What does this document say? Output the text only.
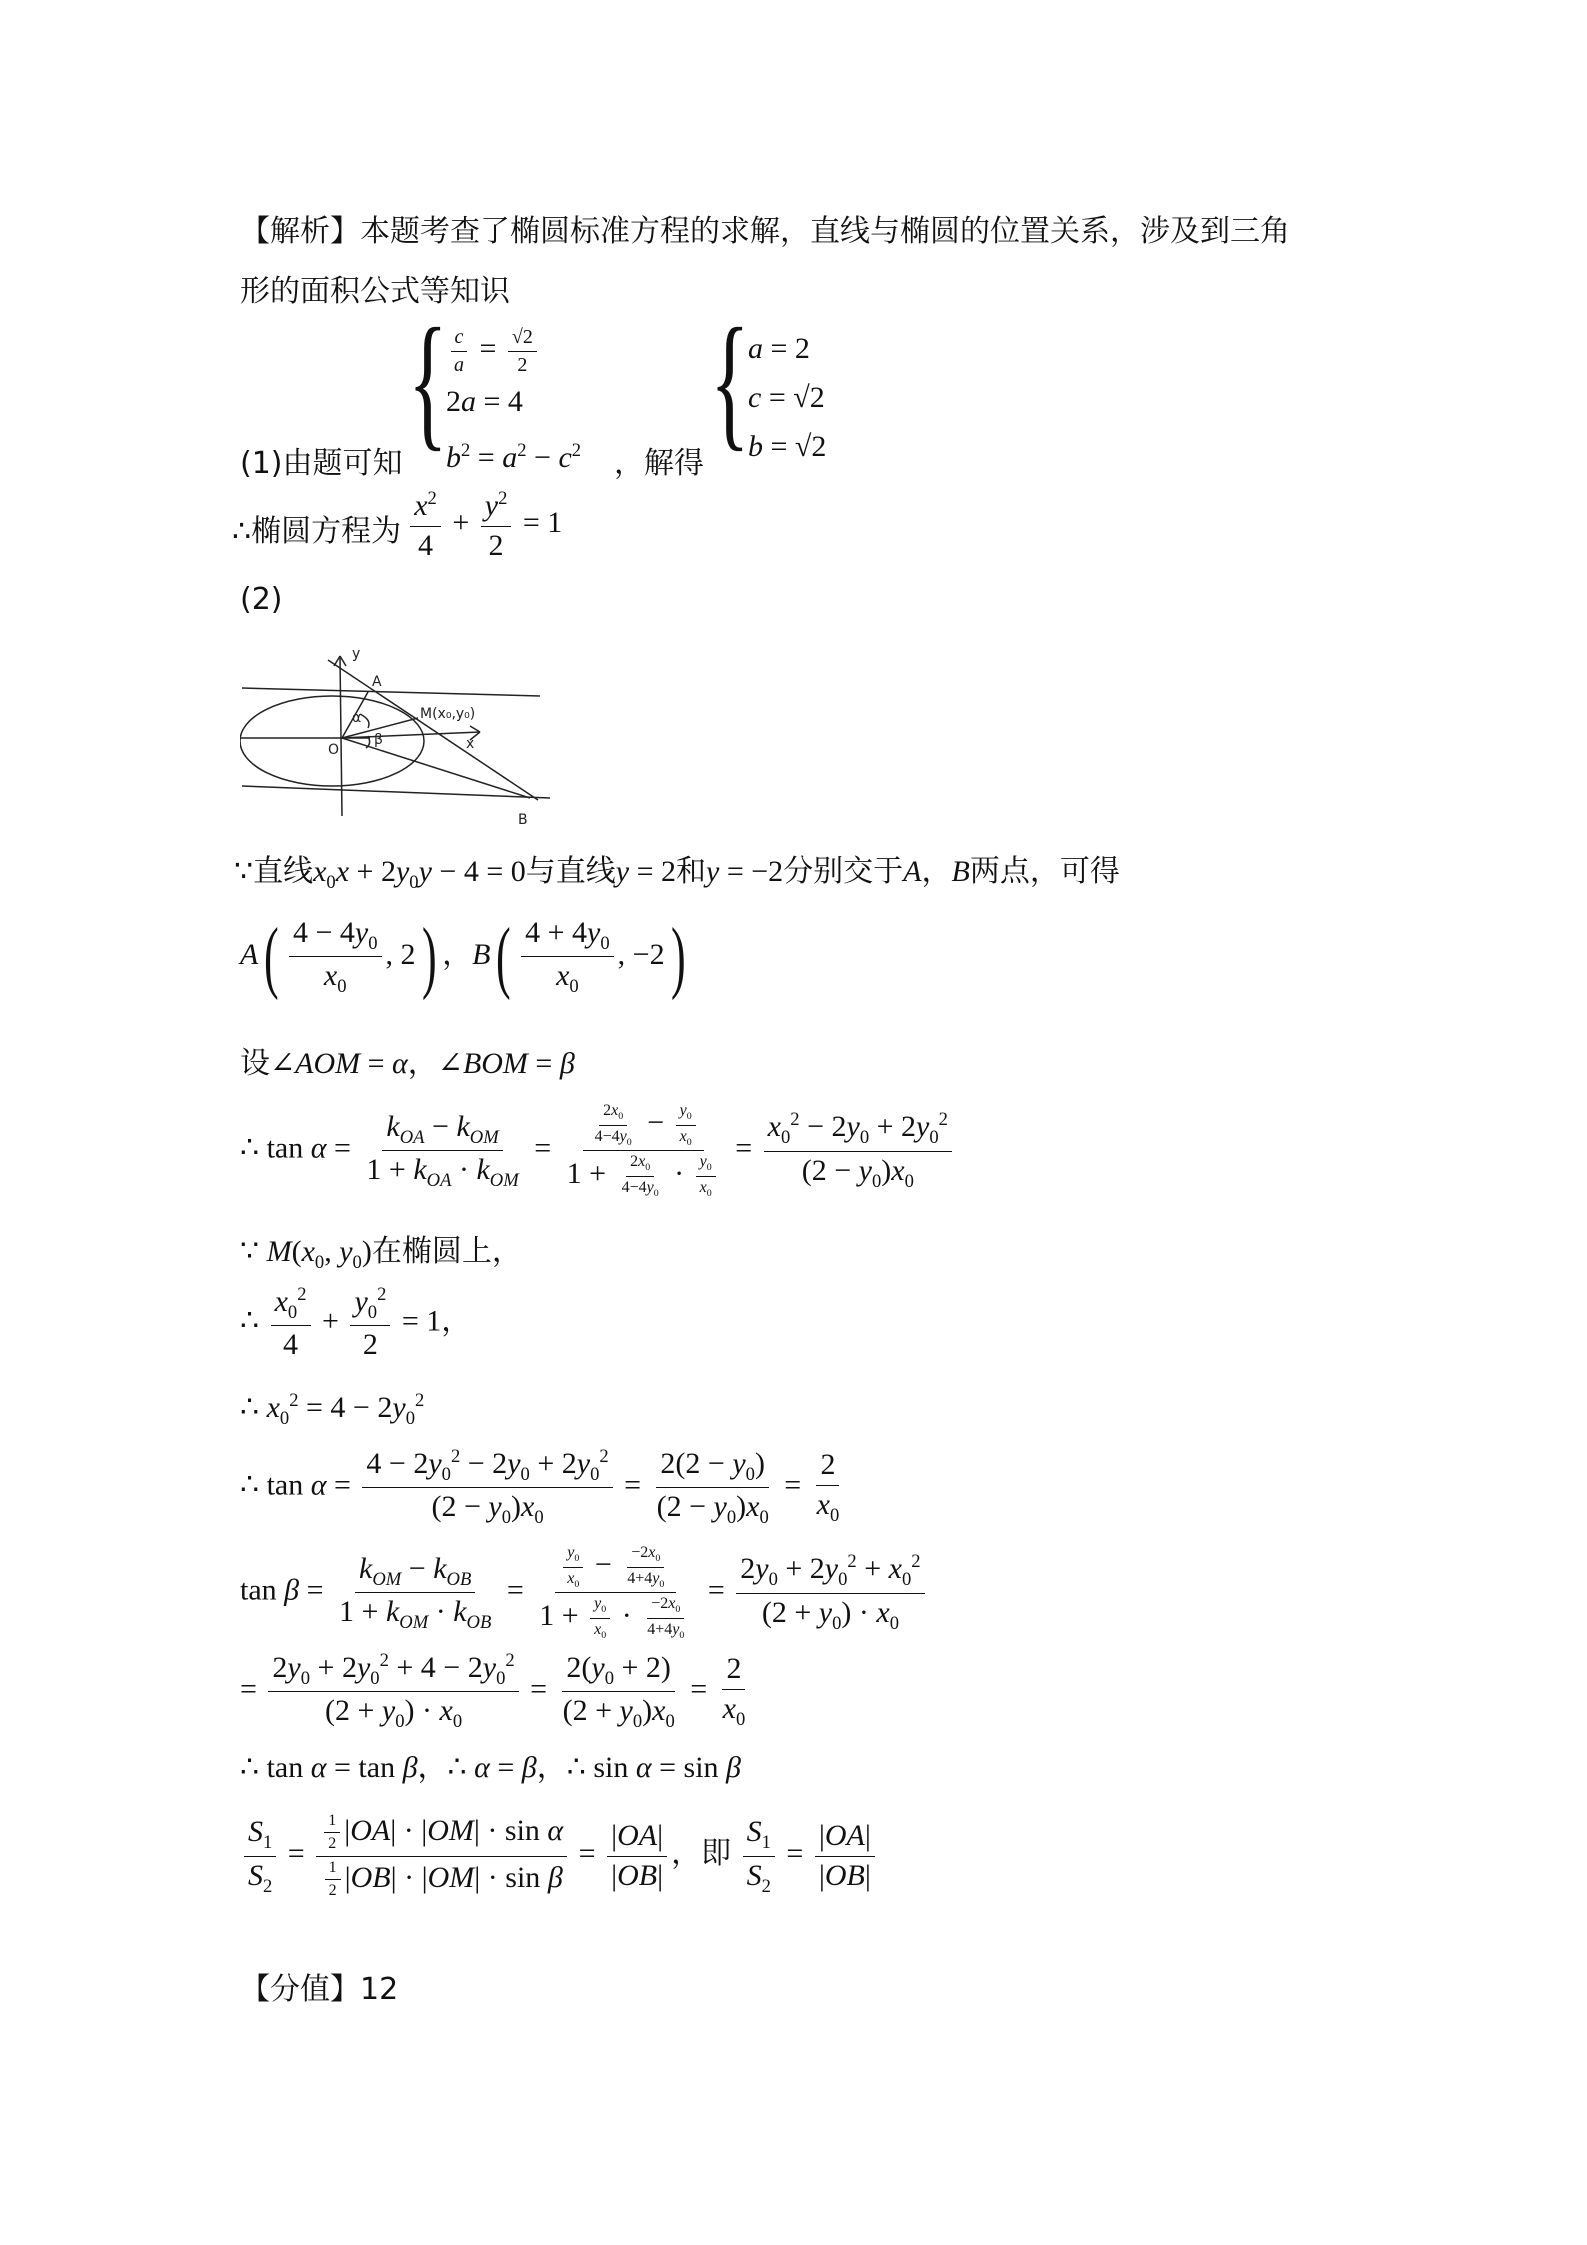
【解析】本题考查了椭圆标准方程的求解，直线与椭圆的位置关系，涉及到三角
形的面积公式等知识
(1)由题可知 { $\frac{c}{a} = \frac{√2}{2}$
2a = 4
$b^2 = a^2 - c^2$ ，解得 {
a = 2
c = √2
b = √2
∴椭圆方程为 $\frac{x^2}{4} + \frac{y^2}{2} = 1$
(2)
y
A
M(x₀,y₀)
α
β
O	x
B
∵直线$x_0x + 2y_0y - 4 = 0$与直线y = 2和y = −2分别交于A，B两点，可得
$A( \frac{4 - 4y_0}{x_0}$ , 2) ，$B( \frac{4 + 4y_0}{x_0}$ , −2)
设∠AOM = α，∠BOM = β
∴ $\tan \alpha = \frac{k_{OA} - k_{OM}}{1 + k_{OA} \cdot k_{OM}} = \frac{\frac{2x_0}{4-4y_0} - \frac{y_0}{x_0}}{1 + \frac{2x_0}{4-4y_0} \cdot \frac{y_0}{x_0}} = \frac{x_0^2 - 2y_0 + 2y_0^2}{(2 - y_0)x_0}$
∵ $M(x_0$, $y_0$)在椭圆上，
∴ $\frac{x_0^2}{4} + \frac{y_0^2}{2} = 1$，
∴ $x_0^2 = 4 - 2y_0^2$
∴ $\tan \alpha = \frac{4 - 2y_0^2 - 2y_0 + 2y_0^2}{(2 - y_0)x_0} = \frac{2(2 - y_0)}{(2 - y_0)x_0} = \frac{2}{x_0}$
$\tan \beta = \frac{k_{OM} - k_{OB}}{1 + k_{OM} \cdot k_{OB}} = \frac{\frac{y_0}{x_0} - \frac{-2x_0}{4+4y_0}}{1 + \frac{y_0}{x_0} \cdot \frac{-2x_0}{4+4y_0}} = \frac{2y_0 + 2y_0^2 + x_0^2}{(2 + y_0) \cdot x_0}$
= $\frac{2y_0 + 2y_0^2 + 4 - 2y_0^2}{(2 + y_0) \cdot x_0} = \frac{2(y_0 + 2)}{(2 + y_0)x_0} = \frac{2}{x_0}$
∴ tan α = tan β，∴ α = β，∴ sin α = sin β
$\frac{S_1}{S_2} = \frac{\frac{1}{2} |OA| \cdot |OM| \cdot \sin \alpha}{\frac{1}{2} |OB| \cdot |OM| \cdot \sin \beta} = \frac{|OA|}{|OB|}$ ，即 $\frac{S_1}{S_2} = \frac{|OA|}{|OB|}$
【分值】12
